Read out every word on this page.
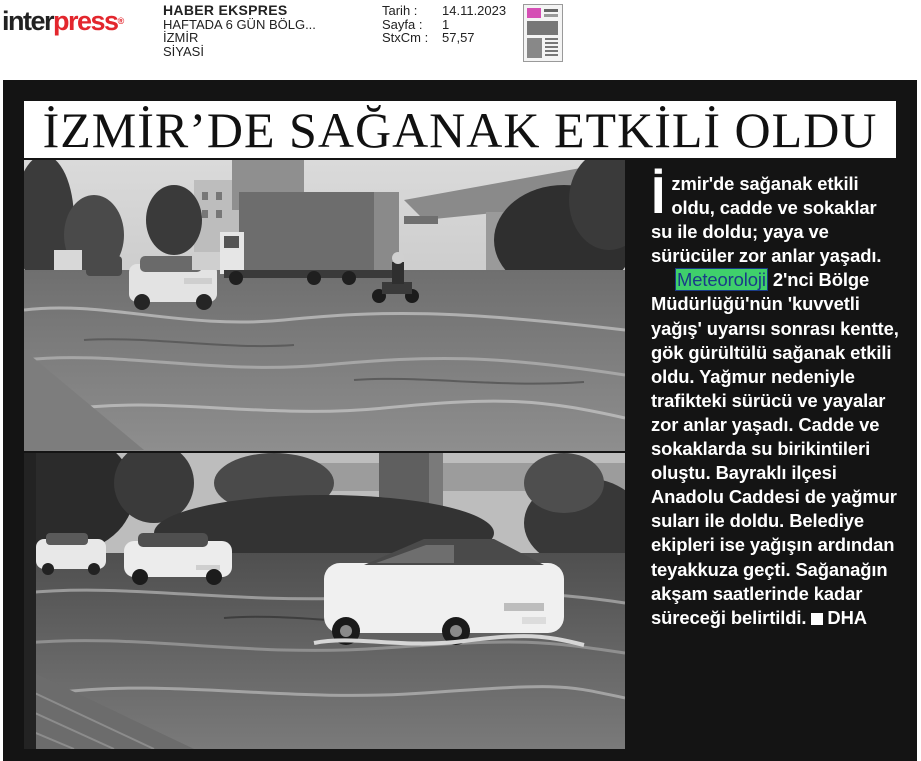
interpress®
HABER EKSPRES
HAFTADA 6 GÜN BÖLG...
İZMİR
SİYASİ
Tarih :	14.11.2023
Sayfa :	1
StxCm :	57,57
İZMİR’DE SAĞANAK ETKİLİ OLDU

İzmir'de sağanak etkili oldu, cadde ve sokaklar su ile doldu; yaya ve sürücüler zor anlar yaşadı.

Meteoroloji 2'nci Bölge Müdürlüğü'nün 'kuvvetli yağış' uyarısı sonrası kentte, gök gürültülü sağanak etkili oldu. Yağmur nedeniyle trafikteki sürücü ve yayalar zor anlar yaşadı. Cadde ve sokaklarda su birikintileri oluştu. Bayraklı ilçesi Anadolu Caddesi de yağmur suları ile doldu. Belediye ekipleri ise yağışın ardından teyakkuza geçti. Sağanağın akşam saatlerinde kadar süreceği belirtildi. DHA
